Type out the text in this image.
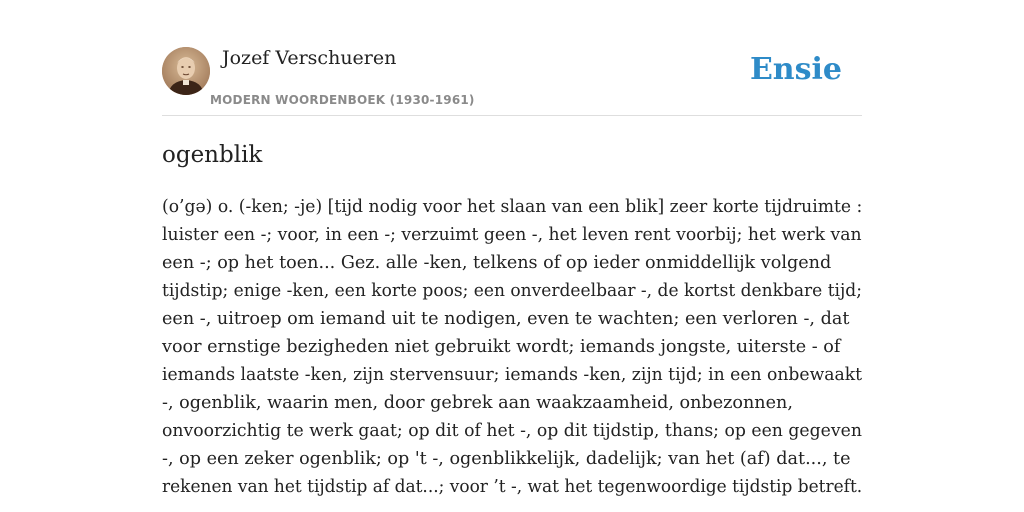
Jozef Verschueren
MODERN WOORDENBOEK (1930-1961)
Ensie
ogenblik
(o’gə) o. (-ken; -je) [tijd nodig voor het slaan van een blik] zeer korte tijdruimte :
luister een -; voor, in een -; verzuimt geen -, het leven rent voorbij; het werk van
een -; op het toen... Gez. alle -ken, telkens of op ieder onmiddellijk volgend
tijdstip; enige -ken, een korte poos; een onverdeelbaar -, de kortst denkbare tijd;
een -, uitroep om iemand uit te nodigen, even te wachten; een verloren -, dat
voor ernstige bezigheden niet gebruikt wordt; iemands jongste, uiterste - of
iemands laatste -ken, zijn stervensuur; iemands -ken, zijn tijd; in een onbewaakt
-, ogenblik, waarin men, door gebrek aan waakzaamheid, onbezonnen,
onvoorzichtig te werk gaat; op dit of het -, op dit tijdstip, thans; op een gegeven
-, op een zeker ogenblik; op 't -, ogenblikkelijk, dadelijk; van het (af) dat..., te
rekenen van het tijdstip af dat...; voor ’t -, wat het tegenwoordige tijdstip betreft.
